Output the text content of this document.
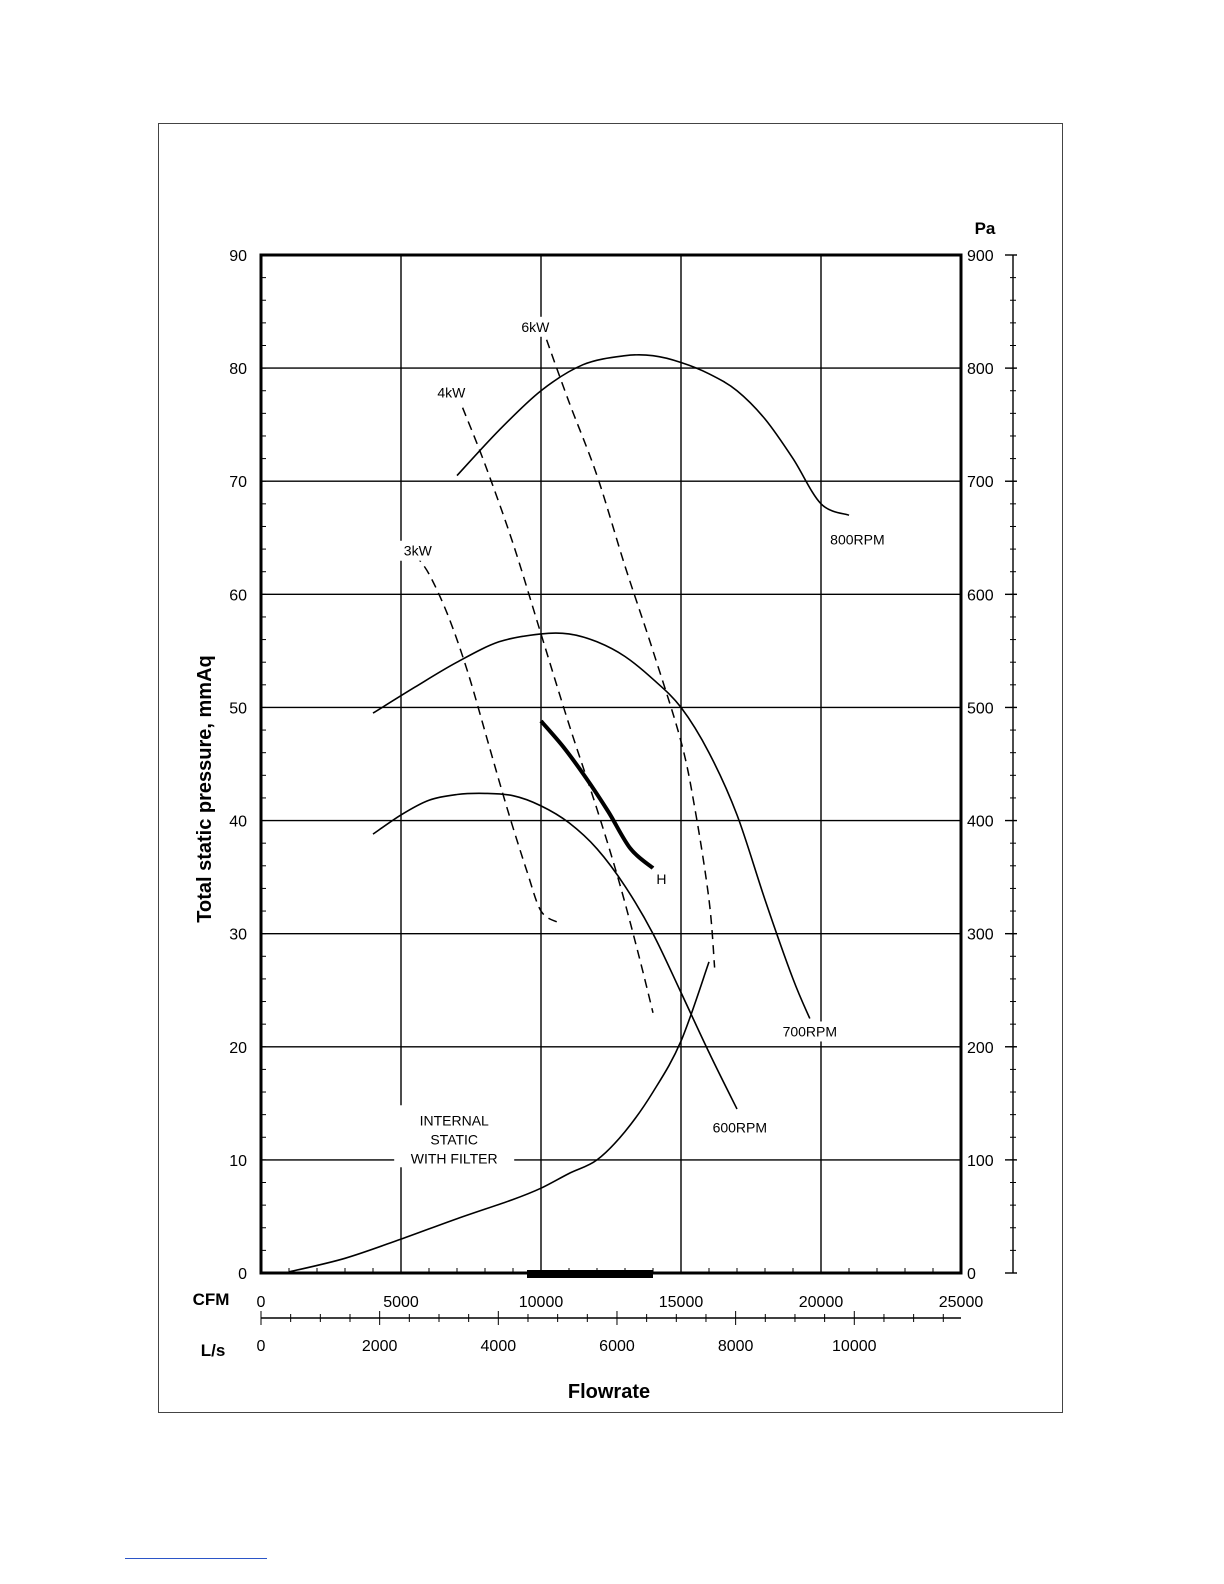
0	0
10	100
20	200
30	300
40	400
50	500
60	600
70	700
80	800
90	900
0	5000	10000	15000	20000	25000
0	2000	4000	6000	8000	10000
800RPM
700RPM
600RPM
INTERNAL STATIC WITH FILTER
3kW
4kW
6kW
H
Total static pressure, mmAq
Pa
CFM
L/s
Flowrate
